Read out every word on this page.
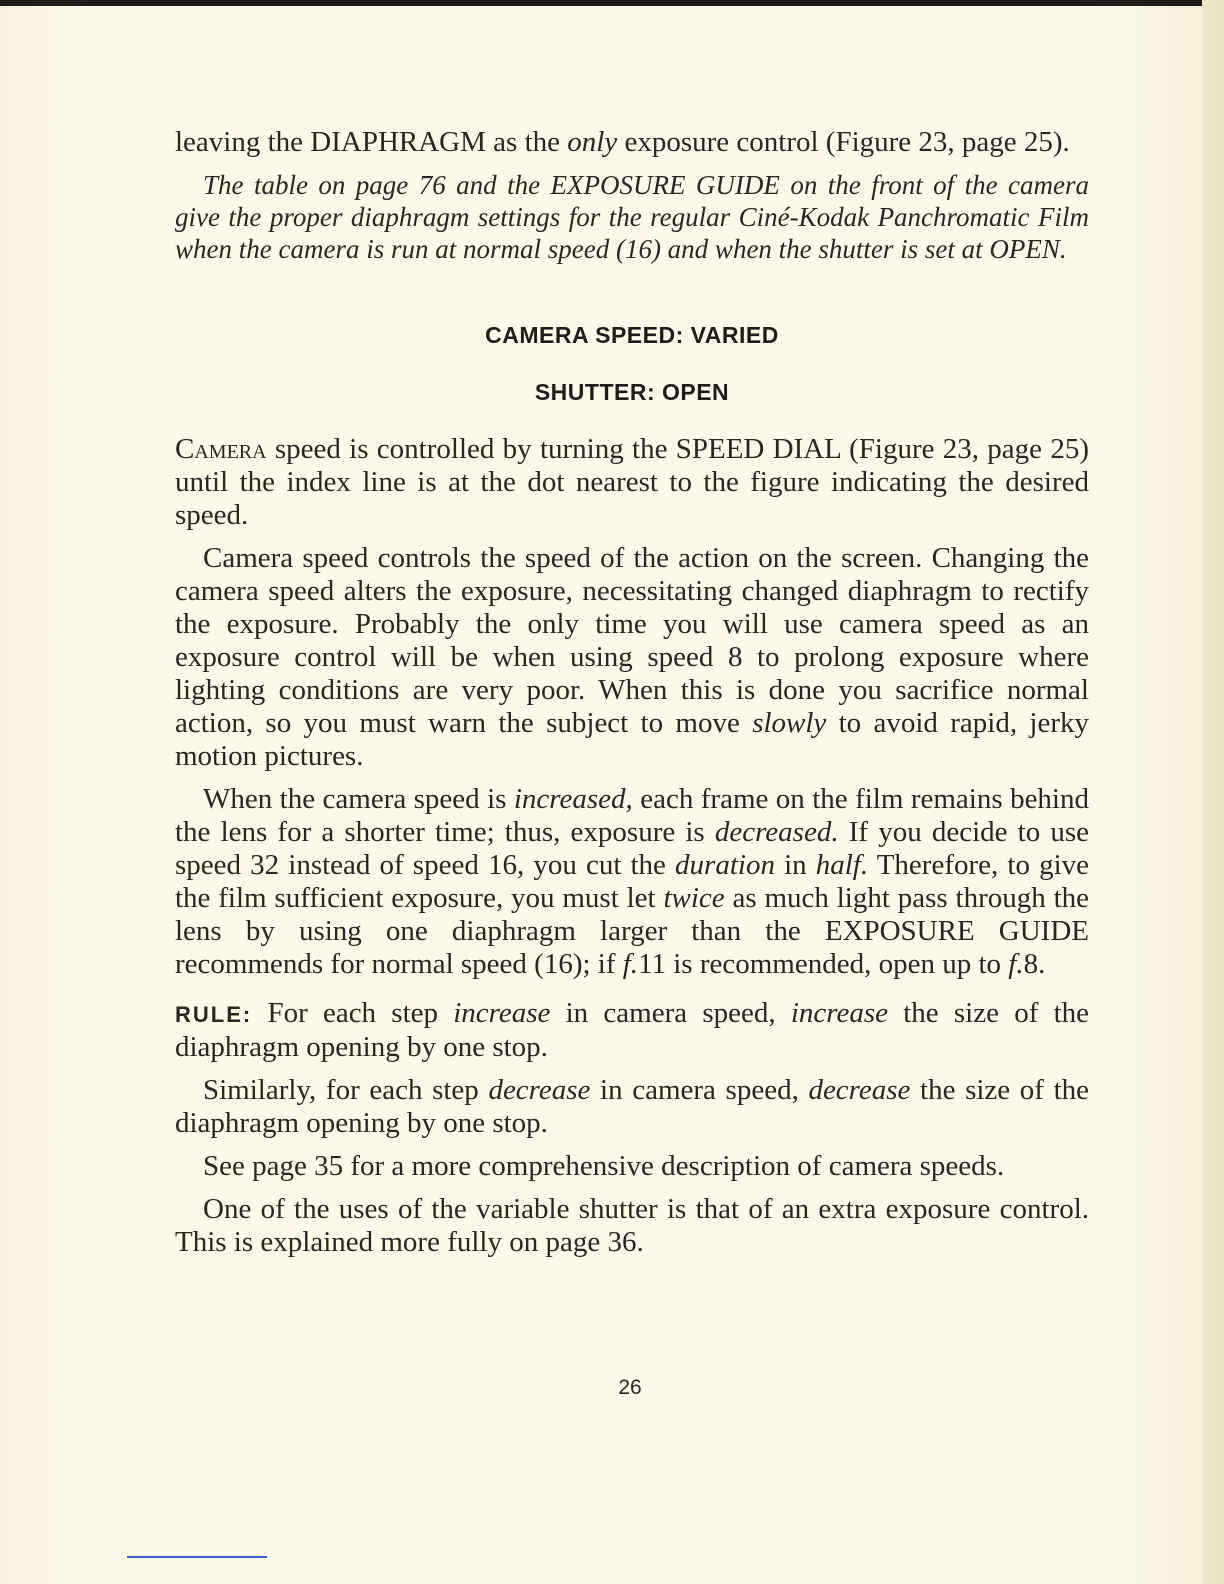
leaving the DIAPHRAGM as the only exposure control (Figure 23, page 25).

The table on page 76 and the EXPOSURE GUIDE on the front of the camera give the proper diaphragm settings for the regular Ciné-Kodak Panchromatic Film when the camera is run at normal speed (16) and when the shutter is set at OPEN.

CAMERA SPEED: VARIED

SHUTTER: OPEN

Camera speed is controlled by turning the SPEED DIAL (Figure 23, page 25) until the index line is at the dot nearest to the figure indicating the desired speed.

Camera speed controls the speed of the action on the screen. Changing the camera speed alters the exposure, necessitating changed diaphragm to rectify the exposure. Probably the only time you will use camera speed as an exposure control will be when using speed 8 to prolong exposure where lighting conditions are very poor. When this is done you sacrifice normal action, so you must warn the subject to move slowly to avoid rapid, jerky motion pictures.

When the camera speed is increased, each frame on the film remains behind the lens for a shorter time; thus, exposure is decreased. If you decide to use speed 32 instead of speed 16, you cut the duration in half. Therefore, to give the film sufficient exposure, you must let twice as much light pass through the lens by using one diaphragm larger than the EXPOSURE GUIDE recommends for normal speed (16); if f.11 is recommended, open up to f.8.

RULE: For each step increase in camera speed, increase the size of the diaphragm opening by one stop.

Similarly, for each step decrease in camera speed, decrease the size of the diaphragm opening by one stop.

See page 35 for a more comprehensive description of camera speeds.

One of the uses of the variable shutter is that of an extra exposure control. This is explained more fully on page 36.

26
